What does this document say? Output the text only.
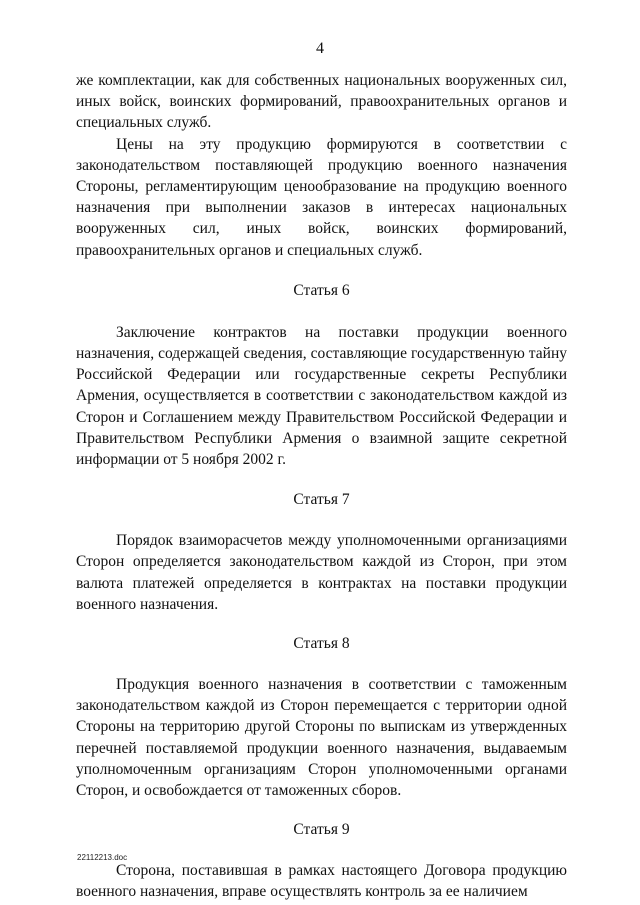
4

же комплектации, как для собственных национальных вооруженных сил, иных войск, воинских формирований, правоохранительных органов и специальных служб.

Цены на эту продукцию формируются в соответствии с законодательством поставляющей продукцию военного назначения Стороны, регламентирующим ценообразование на продукцию военного назначения при выполнении заказов в интересах национальных вооруженных сил, иных войск, воинских формирований, правоохранительных органов и специальных служб.

Статья 6

Заключение контрактов на поставки продукции военного назначения, содержащей сведения, составляющие государственную тайну Российской Федерации или государственные секреты Республики Армения, осуществляется в соответствии с законодательством каждой из Сторон и Соглашением между Правительством Российской Федерации и Правительством Республики Армения о взаимной защите секретной информации от 5 ноября 2002 г.

Статья 7

Порядок взаиморасчетов между уполномоченными организациями Сторон определяется законодательством каждой из Сторон, при этом валюта платежей определяется в контрактах на поставки продукции военного назначения.

Статья 8

Продукция военного назначения в соответствии с таможенным законодательством каждой из Сторон перемещается с территории одной Стороны на территорию другой Стороны по выпискам из утвержденных перечней поставляемой продукции военного назначения, выдаваемым уполномоченным организациям Сторон уполномоченными органами Сторон, и освобождается от таможенных сборов.

Статья 9

Сторона, поставившая в рамках настоящего Договора продукцию военного назначения, вправе осуществлять контроль за ее наличием

22112213.doc
